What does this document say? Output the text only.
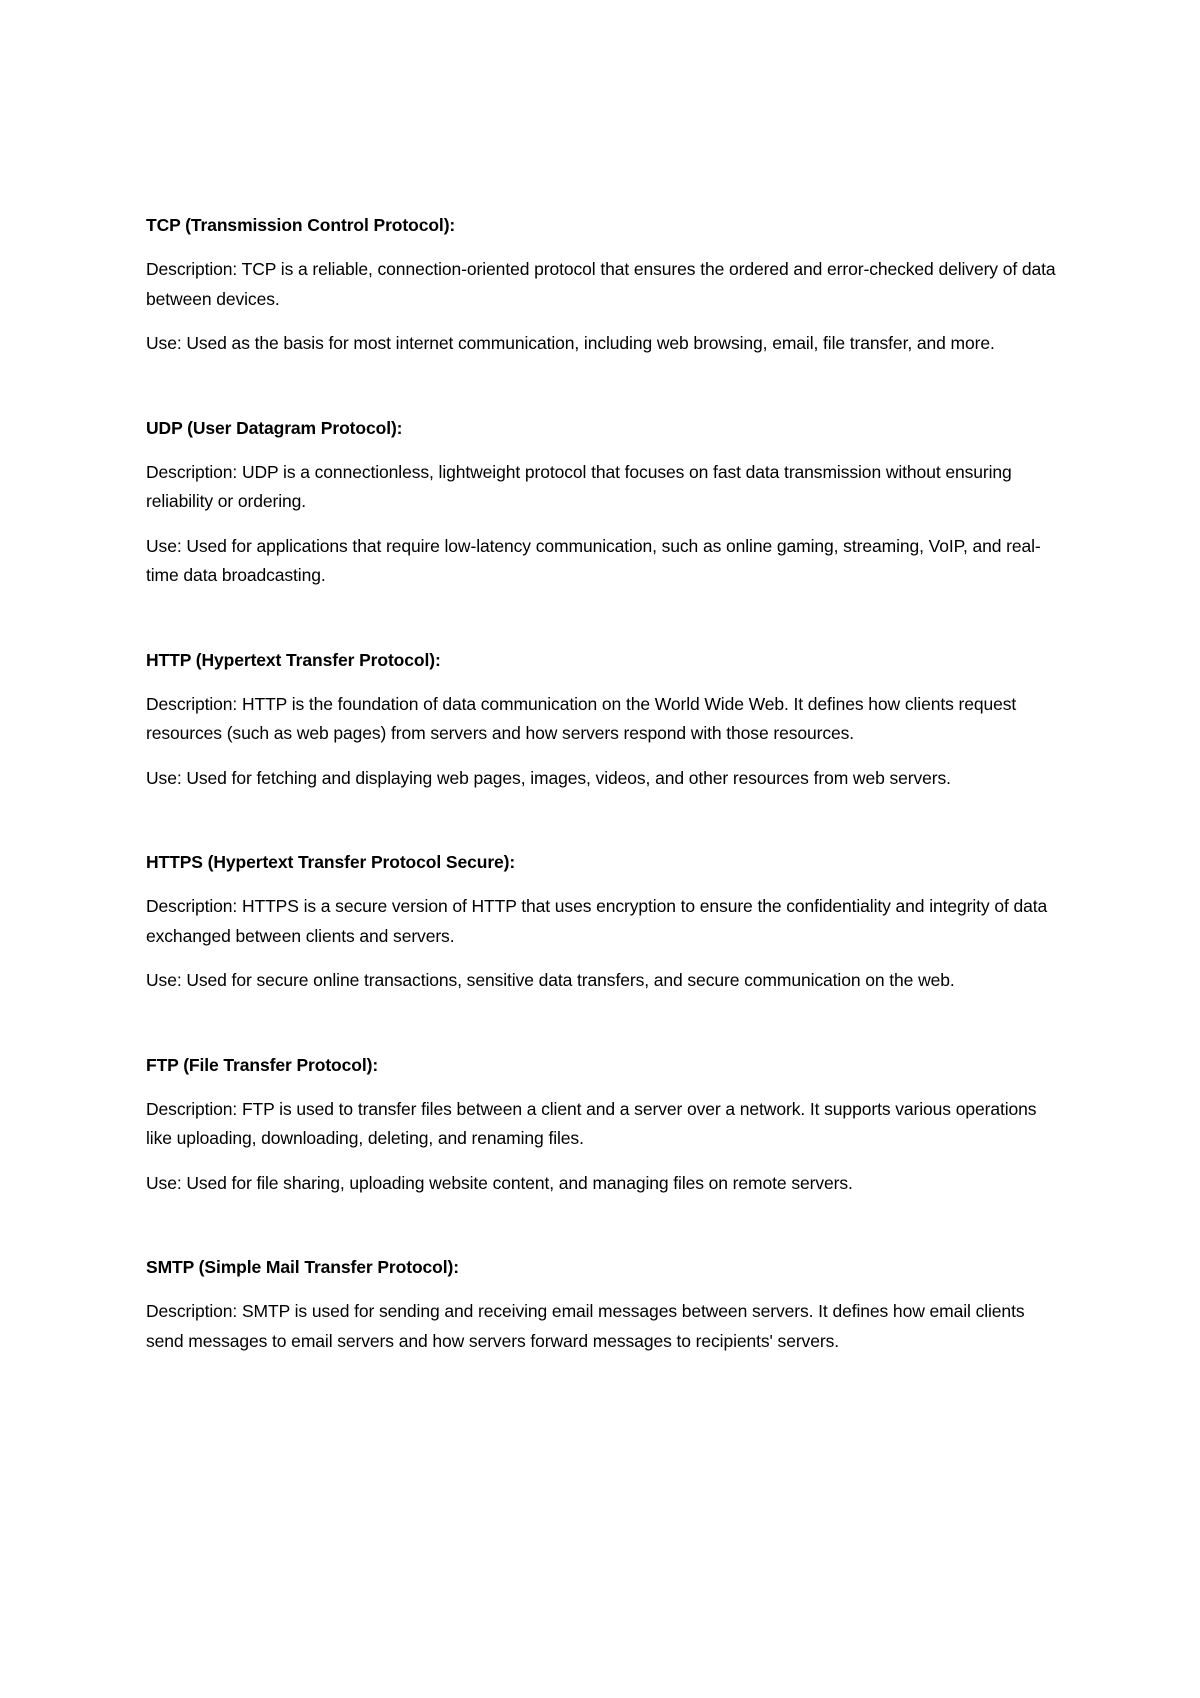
TCP (Transmission Control Protocol):
Description: TCP is a reliable, connection-oriented protocol that ensures the ordered and error-checked delivery of data between devices.
Use: Used as the basis for most internet communication, including web browsing, email, file transfer, and more.
UDP (User Datagram Protocol):
Description: UDP is a connectionless, lightweight protocol that focuses on fast data transmission without ensuring reliability or ordering.
Use: Used for applications that require low-latency communication, such as online gaming, streaming, VoIP, and real-time data broadcasting.
HTTP (Hypertext Transfer Protocol):
Description: HTTP is the foundation of data communication on the World Wide Web. It defines how clients request resources (such as web pages) from servers and how servers respond with those resources.
Use: Used for fetching and displaying web pages, images, videos, and other resources from web servers.
HTTPS (Hypertext Transfer Protocol Secure):
Description: HTTPS is a secure version of HTTP that uses encryption to ensure the confidentiality and integrity of data exchanged between clients and servers.
Use: Used for secure online transactions, sensitive data transfers, and secure communication on the web.
FTP (File Transfer Protocol):
Description: FTP is used to transfer files between a client and a server over a network. It supports various operations like uploading, downloading, deleting, and renaming files.
Use: Used for file sharing, uploading website content, and managing files on remote servers.
SMTP (Simple Mail Transfer Protocol):
Description: SMTP is used for sending and receiving email messages between servers. It defines how email clients send messages to email servers and how servers forward messages to recipients' servers.
